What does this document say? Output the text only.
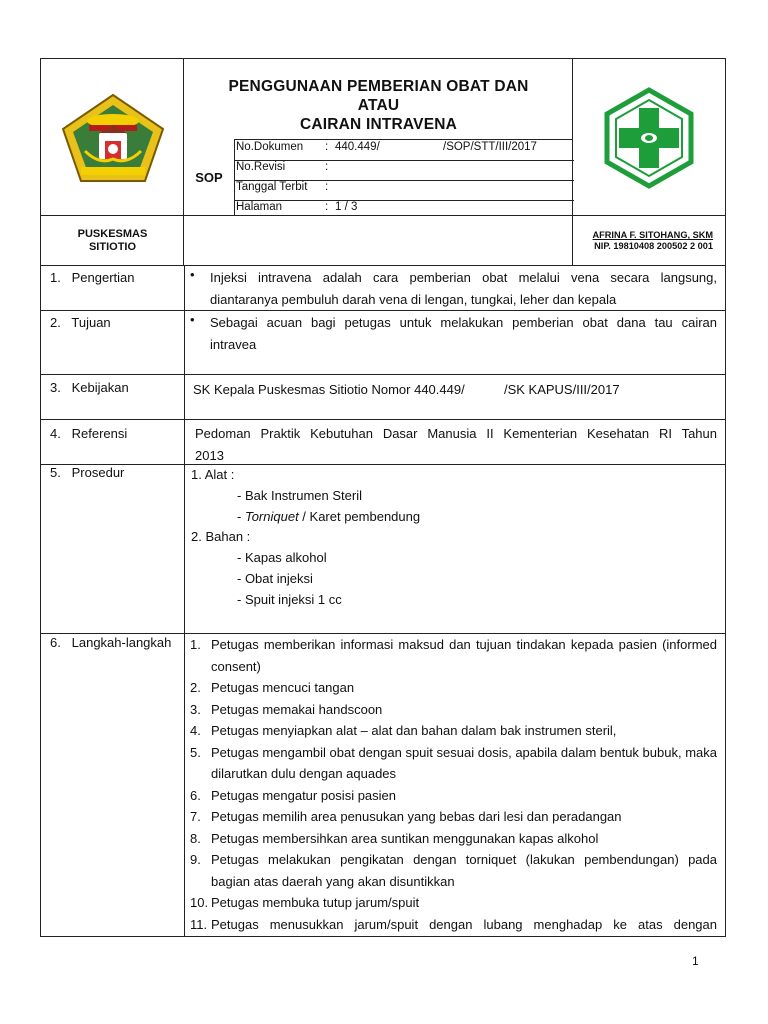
PENGGUNAAN PEMBERIAN OBAT DAN
ATAU
CAIRAN INTRAVENA
SOP
No.Dokumen : 440.449/	/SOP/STT/III/2017
No.Revisi	:
Tanggal Terbit :
Halaman	: 1 / 3
PUSKESMAS
SITIOTIO
AFRINA F. SITOHANG, SKM
NIP. 19810408 200502 2 001
1. Pengertian	• Injeksi intravena adalah cara pemberian obat melalui vena secara langsung,
diantaranya pembuluh darah vena di lengan, tungkai, leher dan kepala
2. Tujuan	• Sebagai acuan bagi petugas untuk melakukan pemberian obat dana tau cairan
intravea
3. Kebijakan	SK Kepala Puskesmas Sitiotio Nomor 440.449/	/SK KAPUS/III/2017
4. Referensi	Pedoman Praktik Kebutuhan Dasar Manusia II Kementerian Kesehatan RI Tahun
2013
5. Prosedur	1. Alat :
- Bak Instrumen Steril
- Torniquet / Karet pembendung
2. Bahan :
- Kapas alkohol
- Obat injeksi
- Spuit injeksi 1 cc
6. Langkah-langkah	1. Petugas memberikan informasi maksud dan tujuan tindakan kepada pasien (informed consent)
2. Petugas mencuci tangan
3. Petugas memakai handscoon
4. Petugas menyiapkan alat – alat dan bahan dalam bak instrumen steril,
5. Petugas mengambil obat dengan spuit sesuai dosis, apabila dalam bentuk bubuk, maka dilarutkan dulu dengan aquades
6. Petugas mengatur posisi pasien
7. Petugas memilih area penusukan yang bebas dari lesi dan peradangan
8. Petugas membersihkan area suntikan menggunakan kapas alkohol
9. Petugas melakukan pengikatan dengan torniquet (lakukan pembendungan) pada bagian atas daerah yang akan disuntikkan
10. Petugas membuka tutup jarum/spuit
11. Petugas menusukkan jarum/spuit dengan lubang menghadap ke atas dengan
1
